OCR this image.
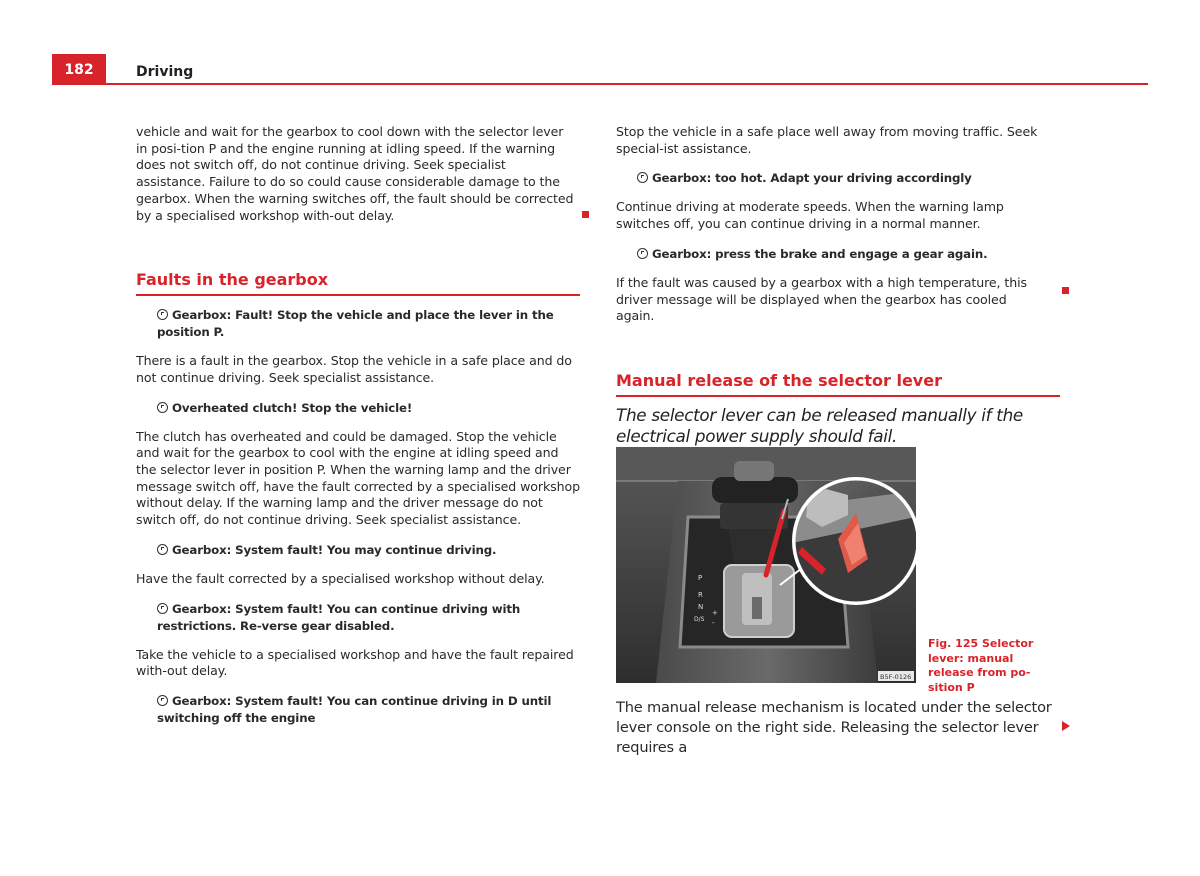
182	Driving

vehicle and wait for the gearbox to cool down with the selector lever in posi-tion P and the engine running at idling speed. If the warning does not switch off, do not continue driving. Seek specialist assistance. Failure to do so could cause considerable damage to the gearbox. When the warning switches off, the fault should be corrected by a specialised workshop with-out delay.

Faults in the gearbox
Gearbox: Fault! Stop the vehicle and place the lever in the position P.

There is a fault in the gearbox. Stop the vehicle in a safe place and do not continue driving. Seek specialist assistance.

Overheated clutch! Stop the vehicle!

The clutch has overheated and could be damaged. Stop the vehicle and wait for the gearbox to cool with the engine at idling speed and the selector lever in position P. When the warning lamp and the driver message switch off, have the fault corrected by a specialised workshop without delay. If the warning lamp and the driver message do not switch off, do not continue driving. Seek specialist assistance.

Gearbox: System fault! You may continue driving.

Have the fault corrected by a specialised workshop without delay.

Gearbox: System fault! You can continue driving with restrictions. Re-verse gear disabled.

Take the vehicle to a specialised workshop and have the fault repaired with-out delay.

Gearbox: System fault! You can continue driving in D until switching off the engine

Stop the vehicle in a safe place well away from moving traffic. Seek special-ist assistance.

Gearbox: too hot. Adapt your driving accordingly

Continue driving at moderate speeds. When the warning lamp switches off, you can continue driving in a normal manner.

Gearbox: press the brake and engage a gear again.

If the fault was caused by a gearbox with a high temperature, this driver message will be displayed when the gearbox has cooled again.

Manual release of the selector lever

The selector lever can be released manually if the electrical power supply should fail.

P
R
N
D/S
+
-
B5F-0126
Fig. 125 Selector lever: manual release from po-sition P

The manual release mechanism is located under the selector lever console on the right side. Releasing the selector lever requires a
